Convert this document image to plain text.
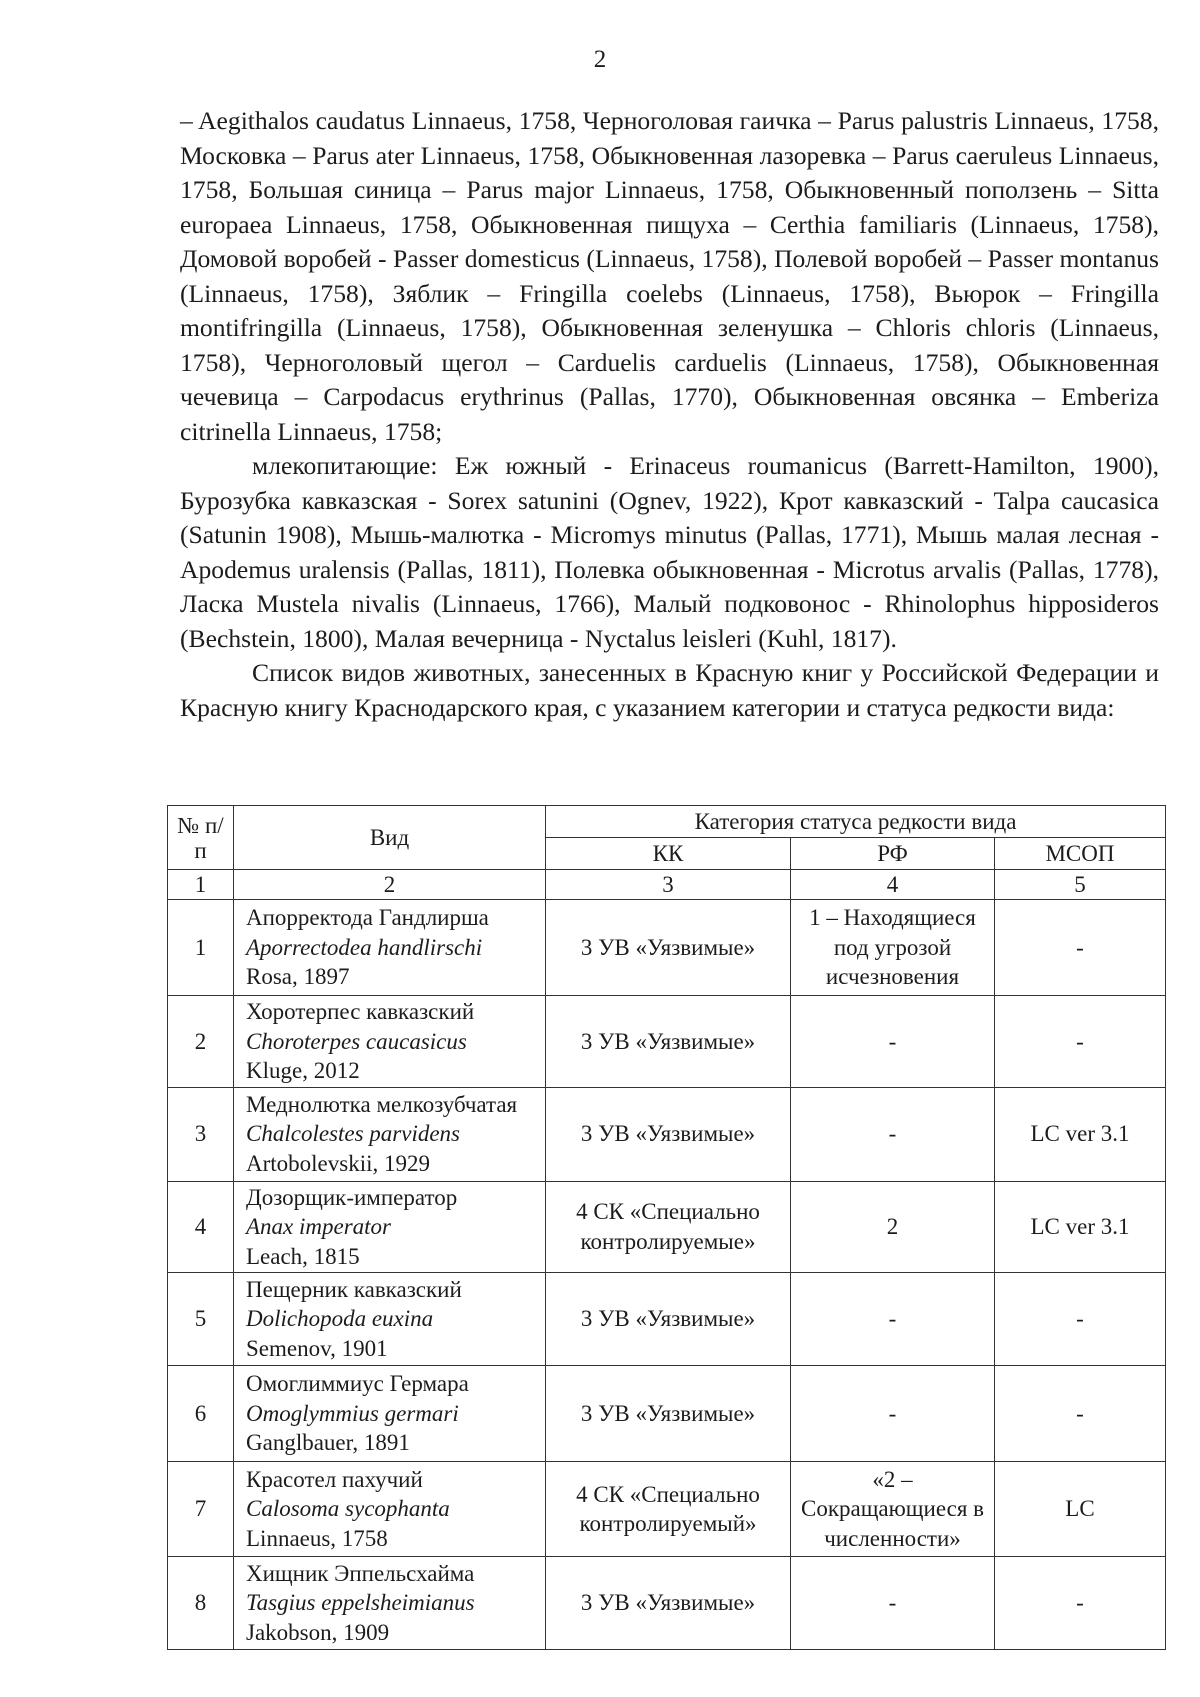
2

– Aegithalos caudatus Linnaeus, 1758, Черноголовая гаичка – Parus palustris Linnaeus, 1758, Московка – Parus ater Linnaeus, 1758, Обыкновенная лазоревка – Parus caeruleus Linnaeus, 1758, Большая синица – Parus major Linnaeus, 1758, Обыкновенный поползень – Sitta europaea Linnaeus, 1758, Обыкновенная пищуха – Certhia familiaris (Linnaeus, 1758), Домовой воробей - Passer domesticus (Linnaeus, 1758), Полевой воробей – Passer montanus (Linnaeus, 1758), Зяблик – Fringilla coelebs (Linnaeus, 1758), Вьюрок – Fringilla montifringilla (Linnaeus, 1758), Обыкновенная зеленушка – Chloris chloris (Linnaeus, 1758), Черноголовый щегол – Carduelis carduelis (Linnaeus, 1758), Обыкновенная чечевица – Carpodacus erythrinus (Pallas, 1770), Обыкновенная овсянка – Emberiza citrinella Linnaeus, 1758;

млекопитающие: Еж южный - Erinaceus roumanicus (Barrett-Hamilton, 1900), Бурозубка кавказская - Sorex satunini (Ognev, 1922), Крот кавказский - Talpa caucasica (Satunin 1908), Мышь-малютка - Micromys minutus (Pallas, 1771), Мышь малая лесная - Apodemus uralensis (Pallas, 1811), Полевка обыкновенная - Microtus arvalis (Pallas, 1778), Ласка Mustela nivalis (Linnaeus, 1766), Малый подковонос - Rhinolophus hipposideros (Bechstein, 1800), Малая вечерница - Nyctalus leisleri (Kuhl, 1817).

Список видов животных, занесенных в Красную книг у Российской Федерации и Красную книгу Краснодарского края, с указанием категории и статуса редкости вида:

№ п/п	Вид	Категория статуса редкости вида		
		КК	РФ	МСОП
1	2	3	4	5
1	Апорректода Гандлирша
Aporrectodea handlirschi
Rosa, 1897	3 УВ «Уязвимые»	1 – Находящиеся под угрозой исчезновения	-
2	Хоротерпес кавказский
Choroterpes caucasicus
Kluge, 2012	3 УВ «Уязвимые»	-	-
3	Меднолютка мелкозубчатая
Chalcolestes parvidens
Artobolevskii, 1929	3 УВ «Уязвимые»	-	LC ver 3.1
4	Дозорщик-император
Anax imperator
Leach, 1815	4 СК «Специально контролируемые»	2	LC ver 3.1
5	Пещерник кавказский
Dolichopoda euxina
Semenov, 1901	3 УВ «Уязвимые»	-	-
6	Омоглиммиус Гермара
Omoglymmius germari
Ganglbauer, 1891	3 УВ «Уязвимые»	-	-
7	Красотел пахучий
Calosoma sycophanta
Linnaeus, 1758	4 СК «Специально контролируемый»	«2 – Сокращающиеся в численности»	LC
8	Хищник Эппельсхайма
Tasgius eppelsheimianus
Jakobson, 1909	3 УВ «Уязвимые»	-	-
